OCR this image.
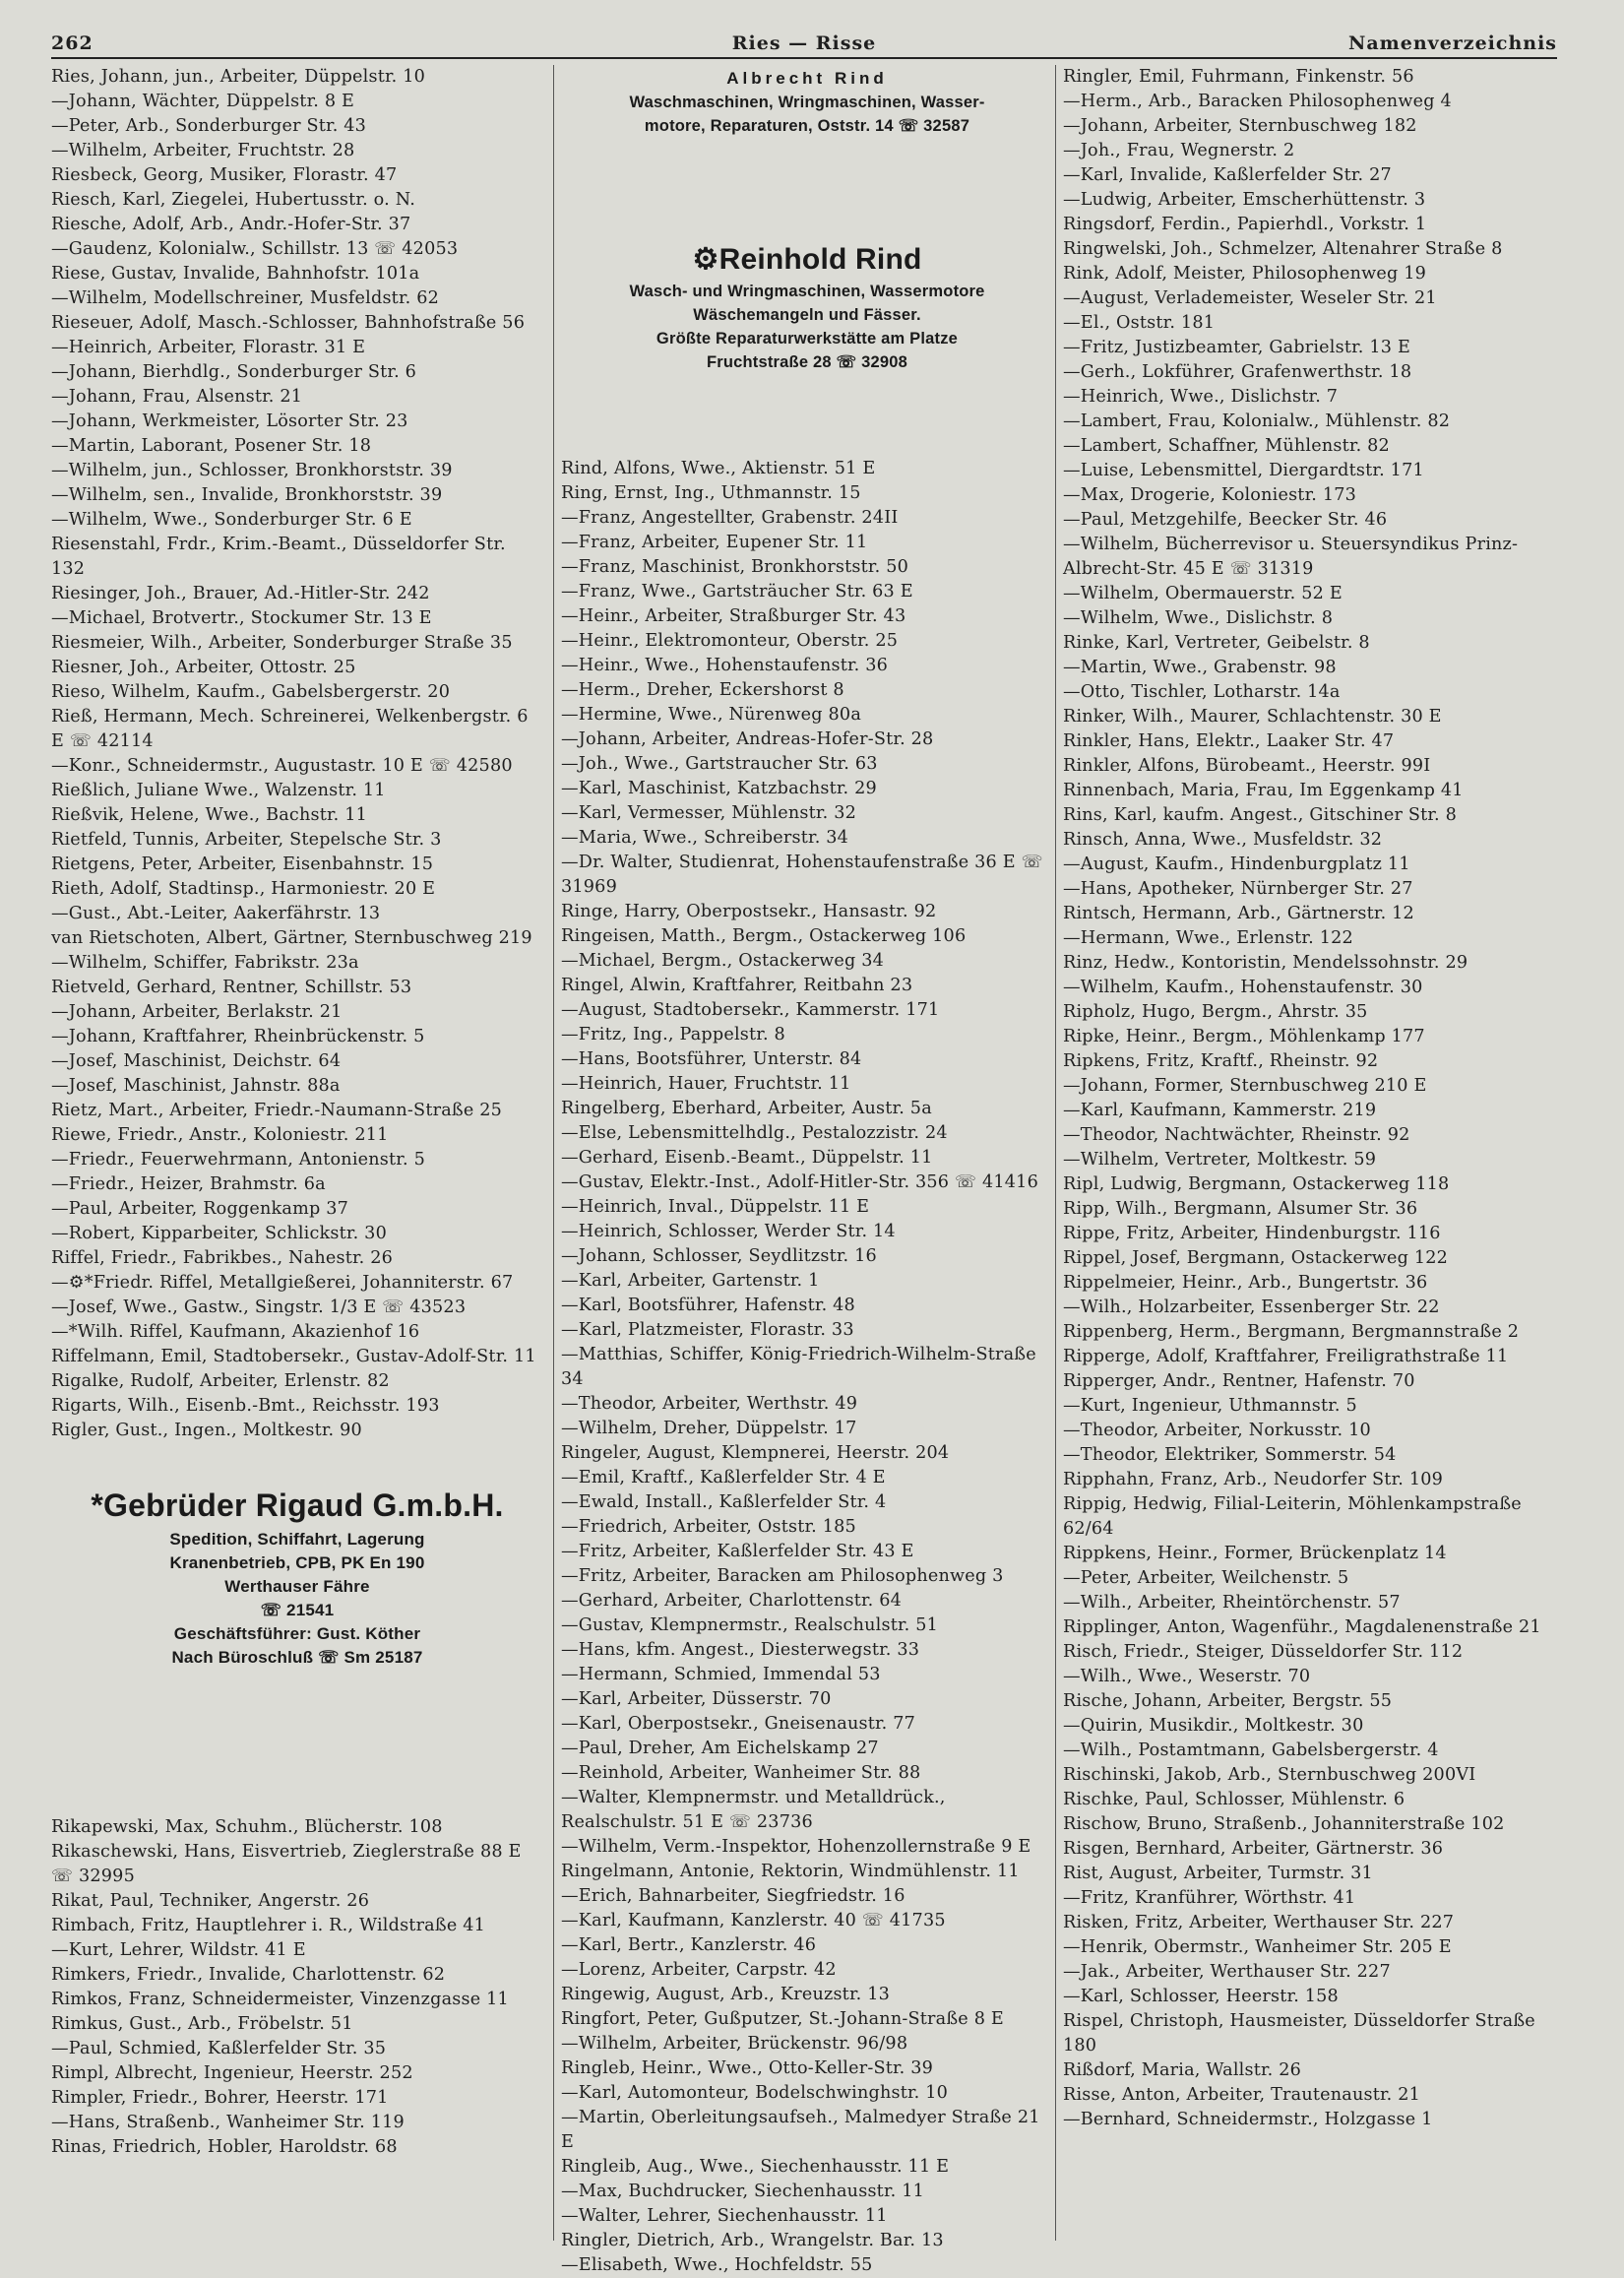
262	Ries — Risse	Namenverzeichnis
Ries, Johann, jun., Arbeiter, Düppelstr. 10
—Johann, Wächter, Düppelstr. 8 E
—Peter, Arb., Sonderburger Str. 43
—Wilhelm, Arbeiter, Fruchtstr. 28
Riesbeck, Georg, Musiker, Florastr. 47
Riesch, Karl, Ziegelei, Hubertusstr. o. N.
Riesche, Adolf, Arb., Andr.-Hofer-Str. 37
—Gaudenz, Kolonialw., Schillstr. 13 ☏ 42053
Riese, Gustav, Invalide, Bahnhofstr. 101a
—Wilhelm, Modellschreiner, Musfeldstr. 62
Rieseuer, Adolf, Masch.-Schlosser, Bahnhofstraße 56
—Heinrich, Arbeiter, Florastr. 31 E
—Johann, Bierhdlg., Sonderburger Str. 6
—Johann, Frau, Alsenstr. 21
—Johann, Werkmeister, Lösorter Str. 23
—Martin, Laborant, Posener Str. 18
—Wilhelm, jun., Schlosser, Bronkhorststr. 39
—Wilhelm, sen., Invalide, Bronkhorststr. 39
—Wilhelm, Wwe., Sonderburger Str. 6 E
Riesenstahl, Frdr., Krim.-Beamt., Düsseldorfer Str. 132
Riesinger, Joh., Brauer, Ad.-Hitler-Str. 242
—Michael, Brotvertr., Stockumer Str. 13 E
Riesmeier, Wilh., Arbeiter, Sonderburger Straße 35
Riesner, Joh., Arbeiter, Ottostr. 25
Rieso, Wilhelm, Kaufm., Gabelsbergerstr. 20
Rieß, Hermann, Mech. Schreinerei, Welkenbergstr. 6 E ☏ 42114
—Konr., Schneidermstr., Augustastr. 10 E ☏ 42580
Rießlich, Juliane Wwe., Walzenstr. 11
Rießvik, Helene, Wwe., Bachstr. 11
Rietfeld, Tunnis, Arbeiter, Stepelsche Str. 3
Rietgens, Peter, Arbeiter, Eisenbahnstr. 15
Rieth, Adolf, Stadtinsp., Harmoniestr. 20 E
—Gust., Abt.-Leiter, Aakerfährstr. 13
van Rietschoten, Albert, Gärtner, Sternbuschweg 219
—Wilhelm, Schiffer, Fabrikstr. 23a
Rietveld, Gerhard, Rentner, Schillstr. 53
—Johann, Arbeiter, Berlakstr. 21
—Johann, Kraftfahrer, Rheinbrückenstr. 5
—Josef, Maschinist, Deichstr. 64
—Josef, Maschinist, Jahnstr. 88a
Rietz, Mart., Arbeiter, Friedr.-Naumann-Straße 25
Riewe, Friedr., Anstr., Koloniestr. 211
—Friedr., Feuerwehrmann, Antonienstr. 5
—Friedr., Heizer, Brahmstr. 6a
—Paul, Arbeiter, Roggenkamp 37
—Robert, Kipparbeiter, Schlickstr. 30
Riffel, Friedr., Fabrikbes., Nahestr. 26
—⚙*Friedr. Riffel, Metallgießerei, Johanniterstr. 67
—Josef, Wwe., Gastw., Singstr. 1/3 E ☏ 43523
—*Wilh. Riffel, Kaufmann, Akazienhof 16
Riffelmann, Emil, Stadtobersekr., Gustav-Adolf-Str. 11
Rigalke, Rudolf, Arbeiter, Erlenstr. 82
Rigarts, Wilh., Eisenb.-Bmt., Reichsstr. 193
Rigler, Gust., Ingen., Moltkestr. 90
*Gebrüder Rigaud G.m.b.H.
Spedition, Schiffahrt, Lagerung
Kranenbetrieb, CPB, PK En 190
Werthauser Fähre
☏ 21541
Geschäftsführer: Gust. Köther
Nach Büroschluß ☏ Sm 25187
Rikapewski, Max, Schuhm., Blücherstr. 108
Rikaschewski, Hans, Eisvertrieb, Zieglerstraße 88 E ☏ 32995
Rikat, Paul, Techniker, Angerstr. 26
Rimbach, Fritz, Hauptlehrer i. R., Wildstraße 41
—Kurt, Lehrer, Wildstr. 41 E
Rimkers, Friedr., Invalide, Charlottenstr. 62
Rimkos, Franz, Schneidermeister, Vinzenzgasse 11
Rimkus, Gust., Arb., Fröbelstr. 51
—Paul, Schmied, Kaßlerfelder Str. 35
Rimpl, Albrecht, Ingenieur, Heerstr. 252
Rimpler, Friedr., Bohrer, Heerstr. 171
—Hans, Straßenb., Wanheimer Str. 119
Rinas, Friedrich, Hobler, Haroldstr. 68
Albrecht Rind
Waschmaschinen, Wringmaschinen, Wasser-
motore, Reparaturen, Oststr. 14 ☏ 32587
⚙Reinhold Rind
Wasch- und Wringmaschinen, Wassermotore
Wäschemangeln und Fässer.
Größte Reparaturwerkstätte am Platze
Fruchtstraße 28 ☏ 32908
Rind, Alfons, Wwe., Aktienstr. 51 E
Ring, Ernst, Ing., Uthmannstr. 15
—Franz, Angestellter, Grabenstr. 24II
—Franz, Arbeiter, Eupener Str. 11
—Franz, Maschinist, Bronkhorststr. 50
—Franz, Wwe., Gartsträucher Str. 63 E
—Heinr., Arbeiter, Straßburger Str. 43
—Heinr., Elektromonteur, Oberstr. 25
—Heinr., Wwe., Hohenstaufenstr. 36
—Herm., Dreher, Eckershorst 8
—Hermine, Wwe., Nürenweg 80a
—Johann, Arbeiter, Andreas-Hofer-Str. 28
—Joh., Wwe., Gartstraucher Str. 63
—Karl, Maschinist, Katzbachstr. 29
—Karl, Vermesser, Mühlenstr. 32
—Maria, Wwe., Schreiberstr. 34
—Dr. Walter, Studienrat, Hohenstaufenstraße 36 E ☏ 31969
Ringe, Harry, Oberpostsekr., Hansastr. 92
Ringeisen, Matth., Bergm., Ostackerweg 106
—Michael, Bergm., Ostackerweg 34
Ringel, Alwin, Kraftfahrer, Reitbahn 23
—August, Stadtobersekr., Kammerstr. 171
—Fritz, Ing., Pappelstr. 8
—Hans, Bootsführer, Unterstr. 84
—Heinrich, Hauer, Fruchtstr. 11
Ringelberg, Eberhard, Arbeiter, Austr. 5a
—Else, Lebensmittelhdlg., Pestalozzistr. 24
—Gerhard, Eisenb.-Beamt., Düppelstr. 11
—Gustav, Elektr.-Inst., Adolf-Hitler-Str. 356 ☏ 41416
—Heinrich, Inval., Düppelstr. 11 E
—Heinrich, Schlosser, Werder Str. 14
—Johann, Schlosser, Seydlitzstr. 16
—Karl, Arbeiter, Gartenstr. 1
—Karl, Bootsführer, Hafenstr. 48
—Karl, Platzmeister, Florastr. 33
—Matthias, Schiffer, König-Friedrich-Wilhelm-Straße 34
—Theodor, Arbeiter, Werthstr. 49
—Wilhelm, Dreher, Düppelstr. 17
Ringeler, August, Klempnerei, Heerstr. 204
—Emil, Kraftf., Kaßlerfelder Str. 4 E
—Ewald, Install., Kaßlerfelder Str. 4
—Friedrich, Arbeiter, Oststr. 185
—Fritz, Arbeiter, Kaßlerfelder Str. 43 E
—Fritz, Arbeiter, Baracken am Philosophenweg 3
—Gerhard, Arbeiter, Charlottenstr. 64
—Gustav, Klempnermstr., Realschulstr. 51
—Hans, kfm. Angest., Diesterwegstr. 33
—Hermann, Schmied, Immendal 53
—Karl, Arbeiter, Düsserstr. 70
—Karl, Oberpostsekr., Gneisenaustr. 77
—Paul, Dreher, Am Eichelskamp 27
—Reinhold, Arbeiter, Wanheimer Str. 88
—Walter, Klempnermstr. und Metalldrück., Realschulstr. 51 E ☏ 23736
—Wilhelm, Verm.-Inspektor, Hohenzollernstraße 9 E
Ringelmann, Antonie, Rektorin, Windmühlenstr. 11
—Erich, Bahnarbeiter, Siegfriedstr. 16
—Karl, Kaufmann, Kanzlerstr. 40 ☏ 41735
—Karl, Bertr., Kanzlerstr. 46
—Lorenz, Arbeiter, Carpstr. 42
Ringewig, August, Arb., Kreuzstr. 13
Ringfort, Peter, Gußputzer, St.-Johann-Straße 8 E
—Wilhelm, Arbeiter, Brückenstr. 96/98
Ringleb, Heinr., Wwe., Otto-Keller-Str. 39
—Karl, Automonteur, Bodelschwinghstr. 10
—Martin, Oberleitungsaufseh., Malmedyer Straße 21 E
Ringleib, Aug., Wwe., Siechenhausstr. 11 E
—Max, Buchdrucker, Siechenhausstr. 11
—Walter, Lehrer, Siechenhausstr. 11
Ringler, Dietrich, Arb., Wrangelstr. Bar. 13
—Elisabeth, Wwe., Hochfeldstr. 55
Ringler, Emil, Fuhrmann, Finkenstr. 56
—Herm., Arb., Baracken Philosophenweg 4
—Johann, Arbeiter, Sternbuschweg 182
—Joh., Frau, Wegnerstr. 2
—Karl, Invalide, Kaßlerfelder Str. 27
—Ludwig, Arbeiter, Emscherhüttenstr. 3
Ringsdorf, Ferdin., Papierhdl., Vorkstr. 1
Ringwelski, Joh., Schmelzer, Altenahrer Straße 8
Rink, Adolf, Meister, Philosophenweg 19
—August, Verlademeister, Weseler Str. 21
—El., Oststr. 181
—Fritz, Justizbeamter, Gabrielstr. 13 E
—Gerh., Lokführer, Grafenwerthstr. 18
—Heinrich, Wwe., Dislichstr. 7
—Lambert, Frau, Kolonialw., Mühlenstr. 82
—Lambert, Schaffner, Mühlenstr. 82
—Luise, Lebensmittel, Diergardtstr. 171
—Max, Drogerie, Koloniestr. 173
—Paul, Metzgehilfe, Beecker Str. 46
—Wilhelm, Bücherrevisor u. Steuersyndikus Prinz-Albrecht-Str. 45 E ☏ 31319
—Wilhelm, Obermauerstr. 52 E
—Wilhelm, Wwe., Dislichstr. 8
Rinke, Karl, Vertreter, Geibelstr. 8
—Martin, Wwe., Grabenstr. 98
—Otto, Tischler, Lotharstr. 14a
Rinker, Wilh., Maurer, Schlachtenstr. 30 E
Rinkler, Hans, Elektr., Laaker Str. 47
Rinkler, Alfons, Bürobeamt., Heerstr. 99I
Rinnenbach, Maria, Frau, Im Eggenkamp 41
Rins, Karl, kaufm. Angest., Gitschiner Str. 8
Rinsch, Anna, Wwe., Musfeldstr. 32
—August, Kaufm., Hindenburgplatz 11
—Hans, Apotheker, Nürnberger Str. 27
Rintsch, Hermann, Arb., Gärtnerstr. 12
—Hermann, Wwe., Erlenstr. 122
Rinz, Hedw., Kontoristin, Mendelssohnstr. 29
—Wilhelm, Kaufm., Hohenstaufenstr. 30
Ripholz, Hugo, Bergm., Ahrstr. 35
Ripke, Heinr., Bergm., Möhlenkamp 177
Ripkens, Fritz, Kraftf., Rheinstr. 92
—Johann, Former, Sternbuschweg 210 E
—Karl, Kaufmann, Kammerstr. 219
—Theodor, Nachtwächter, Rheinstr. 92
—Wilhelm, Vertreter, Moltkestr. 59
Ripl, Ludwig, Bergmann, Ostackerweg 118
Ripp, Wilh., Bergmann, Alsumer Str. 36
Rippe, Fritz, Arbeiter, Hindenburgstr. 116
Rippel, Josef, Bergmann, Ostackerweg 122
Rippelmeier, Heinr., Arb., Bungertstr. 36
—Wilh., Holzarbeiter, Essenberger Str. 22
Rippenberg, Herm., Bergmann, Bergmannstraße 2
Ripperge, Adolf, Kraftfahrer, Freiligrathstraße 11
Ripperger, Andr., Rentner, Hafenstr. 70
—Kurt, Ingenieur, Uthmannstr. 5
—Theodor, Arbeiter, Norkusstr. 10
—Theodor, Elektriker, Sommerstr. 54
Ripphahn, Franz, Arb., Neudorfer Str. 109
Rippig, Hedwig, Filial-Leiterin, Möhlenkampstraße 62/64
Rippkens, Heinr., Former, Brückenplatz 14
—Peter, Arbeiter, Weilchenstr. 5
—Wilh., Arbeiter, Rheintörchenstr. 57
Ripplinger, Anton, Wagenführ., Magdalenenstraße 21
Risch, Friedr., Steiger, Düsseldorfer Str. 112
—Wilh., Wwe., Weserstr. 70
Rische, Johann, Arbeiter, Bergstr. 55
—Quirin, Musikdir., Moltkestr. 30
—Wilh., Postamtmann, Gabelsbergerstr. 4
Rischinski, Jakob, Arb., Sternbuschweg 200VI
Rischke, Paul, Schlosser, Mühlenstr. 6
Rischow, Bruno, Straßenb., Johanniterstraße 102
Risgen, Bernhard, Arbeiter, Gärtnerstr. 36
Rist, August, Arbeiter, Turmstr. 31
—Fritz, Kranführer, Wörthstr. 41
Risken, Fritz, Arbeiter, Werthauser Str. 227
—Henrik, Obermstr., Wanheimer Str. 205 E
—Jak., Arbeiter, Werthauser Str. 227
—Karl, Schlosser, Heerstr. 158
Rispel, Christoph, Hausmeister, Düsseldorfer Straße 180
Rißdorf, Maria, Wallstr. 26
Risse, Anton, Arbeiter, Trautenaustr. 21
—Bernhard, Schneidermstr., Holzgasse 1
